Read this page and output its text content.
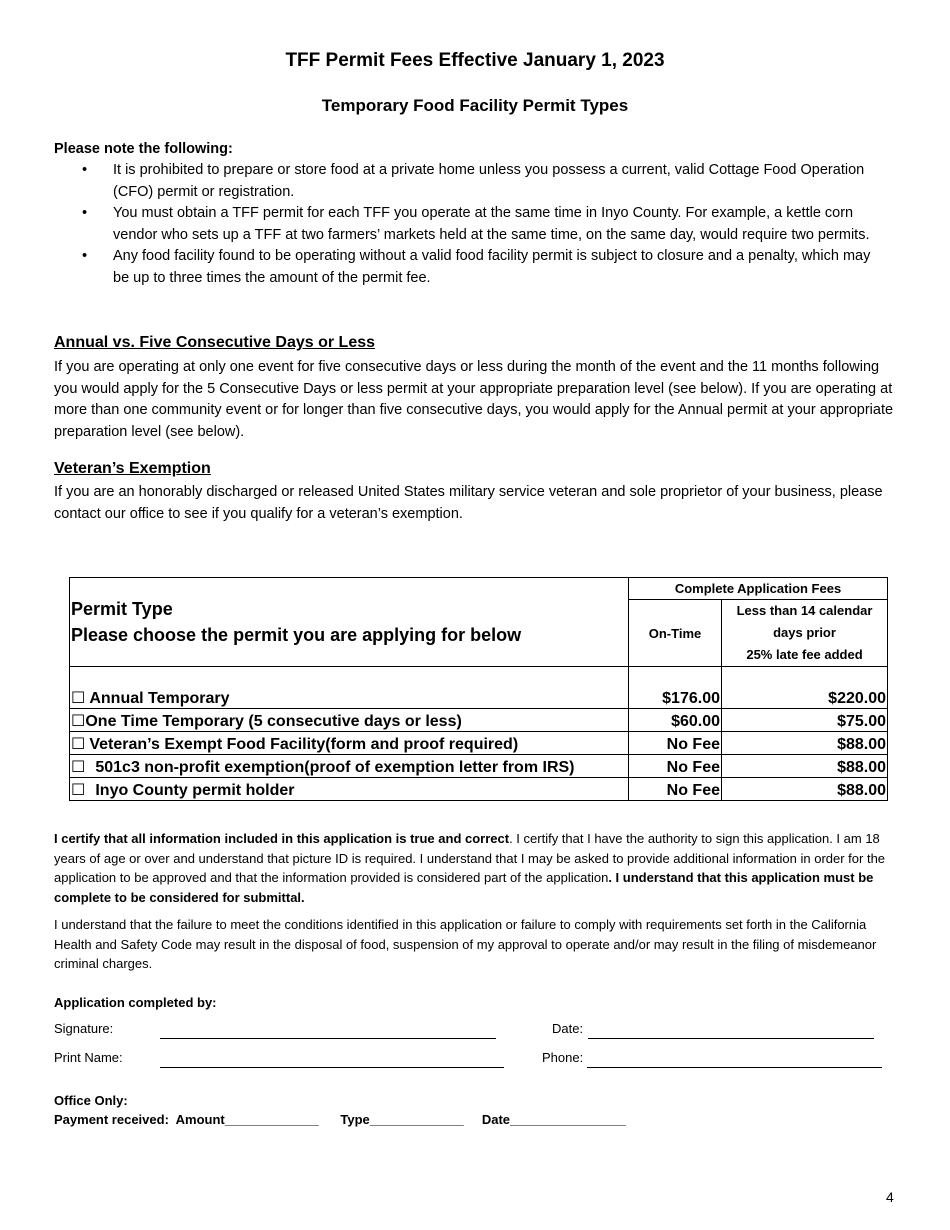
TFF Permit Fees Effective January 1, 2023
Temporary Food Facility Permit Types
Please note the following:
• It is prohibited to prepare or store food at a private home unless you possess a current, valid Cottage Food Operation (CFO) permit or registration.
• You must obtain a TFF permit for each TFF you operate at the same time in Inyo County. For example, a kettle corn vendor who sets up a TFF at two farmers’ markets held at the same time, on the same day, would require two permits.
• Any food facility found to be operating without a valid food facility permit is subject to closure and a penalty, which may be up to three times the amount of the permit fee.
Annual vs. Five Consecutive Days or Less
If you are operating at only one event for five consecutive days or less during the month of the event and the 11 months following you would apply for the 5 Consecutive Days or less permit at your appropriate preparation level (see below). If you are operating at more than one community event or for longer than five consecutive days, you would apply for the Annual permit at your appropriate preparation level (see below).
Veteran’s Exemption
If you are an honorably discharged or released United States military service veteran and sole proprietor of your business, please contact our office to see if you qualify for a veteran’s exemption.
Permit Type
Please choose the permit you are applying for below	Complete Application Fees	
	On-Time	Less than 14 calendar
days prior
25% late fee added

☐ Annual Temporary	$176.00	$220.00
☐One Time Temporary (5 consecutive days or less)	$60.00	$75.00
☐ Veteran’s Exempt Food Facility(form and proof required)	No Fee	$88.00
☐ 501c3 non-profit exemption(proof of exemption letter from IRS)	No Fee	$88.00
☐ Inyo County permit holder	No Fee	$88.00
I certify that all information included in this application is true and correct. I certify that I have the authority to sign this application. I am 18 years of age or over and understand that picture ID is required. I understand that I may be asked to provide additional information in order for the application to be approved and that the information provided is considered part of the application. I understand that this application must be complete to be considered for submittal.
I understand that the failure to meet the conditions identified in this application or failure to comply with requirements set forth in the California Health and Safety Code may result in the disposal of food, suspension of my approval to operate and/or may result in the filing of misdemeanor criminal charges.
Application completed by:
Signature:	Date:
Print Name:	Phone:
Office Only:
Payment received:  Amount_____________      Type_____________     Date________________
4
